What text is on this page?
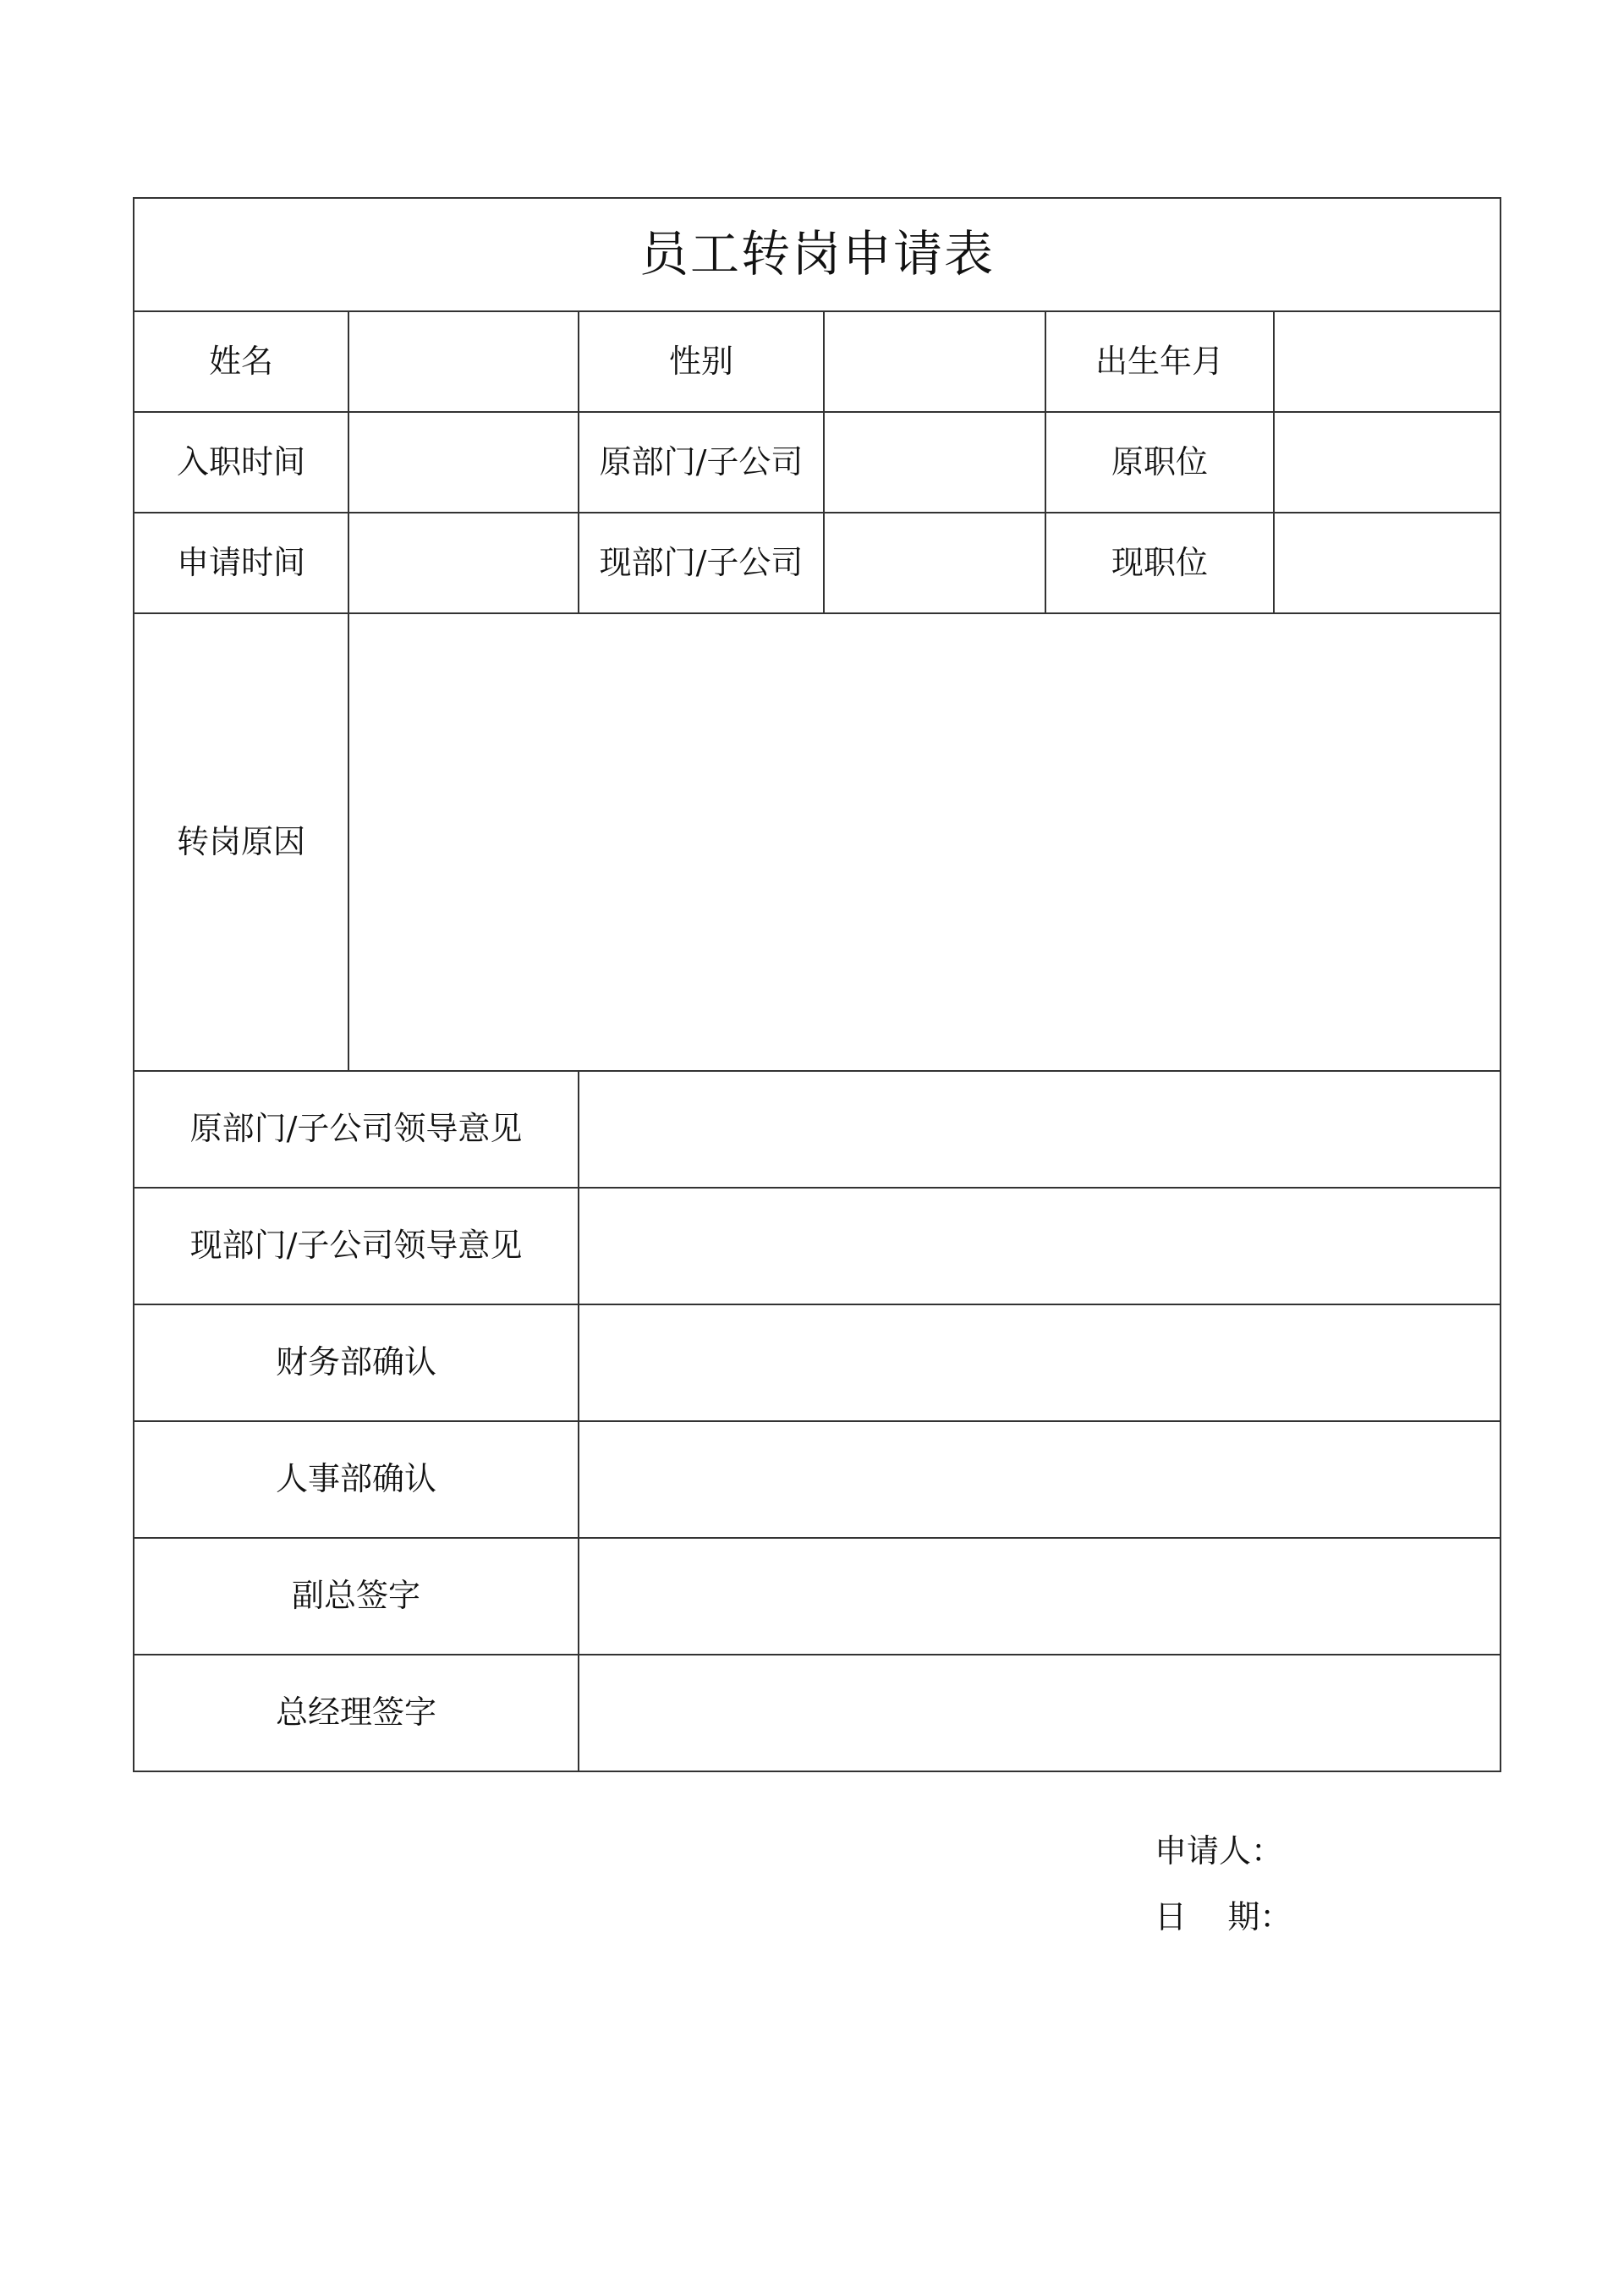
员工转岗申请表					
姓名		性别		出生年月	
入职时间		原部门/子公司		原职位	
申请时间		现部门/子公司		现职位	
转岗原因					
原部门/子公司领导意见					
现部门/子公司领导意见					
财务部确认					
人事部确认					
副总签字					
总经理签字					
申请人：
日    期：
